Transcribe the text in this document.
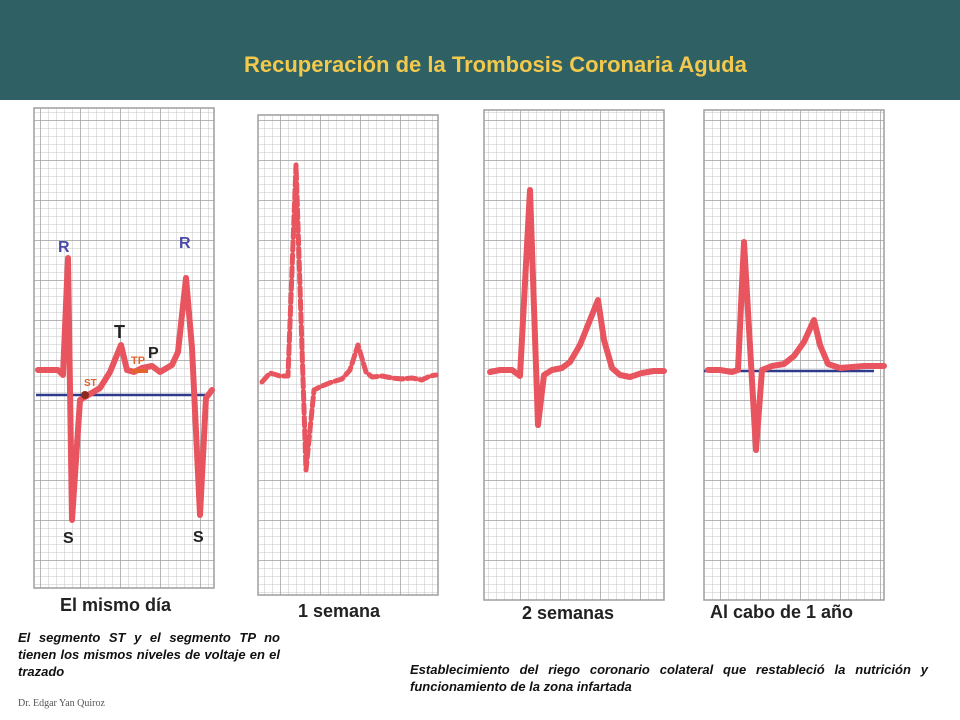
Recuperación de la Trombosis Coronaria Aguda
R	R
T
P
TP
ST
S	S
El mismo día	1 semana	2 semanas	Al cabo de 1 año
El segmento ST y el segmento TP no tienen los mismos niveles de voltaje en el trazado	Establecimiento del riego coronario colateral que restableció la nutrición y funcionamiento de la zona infartada
Dr. Edgar Yan Quiroz
